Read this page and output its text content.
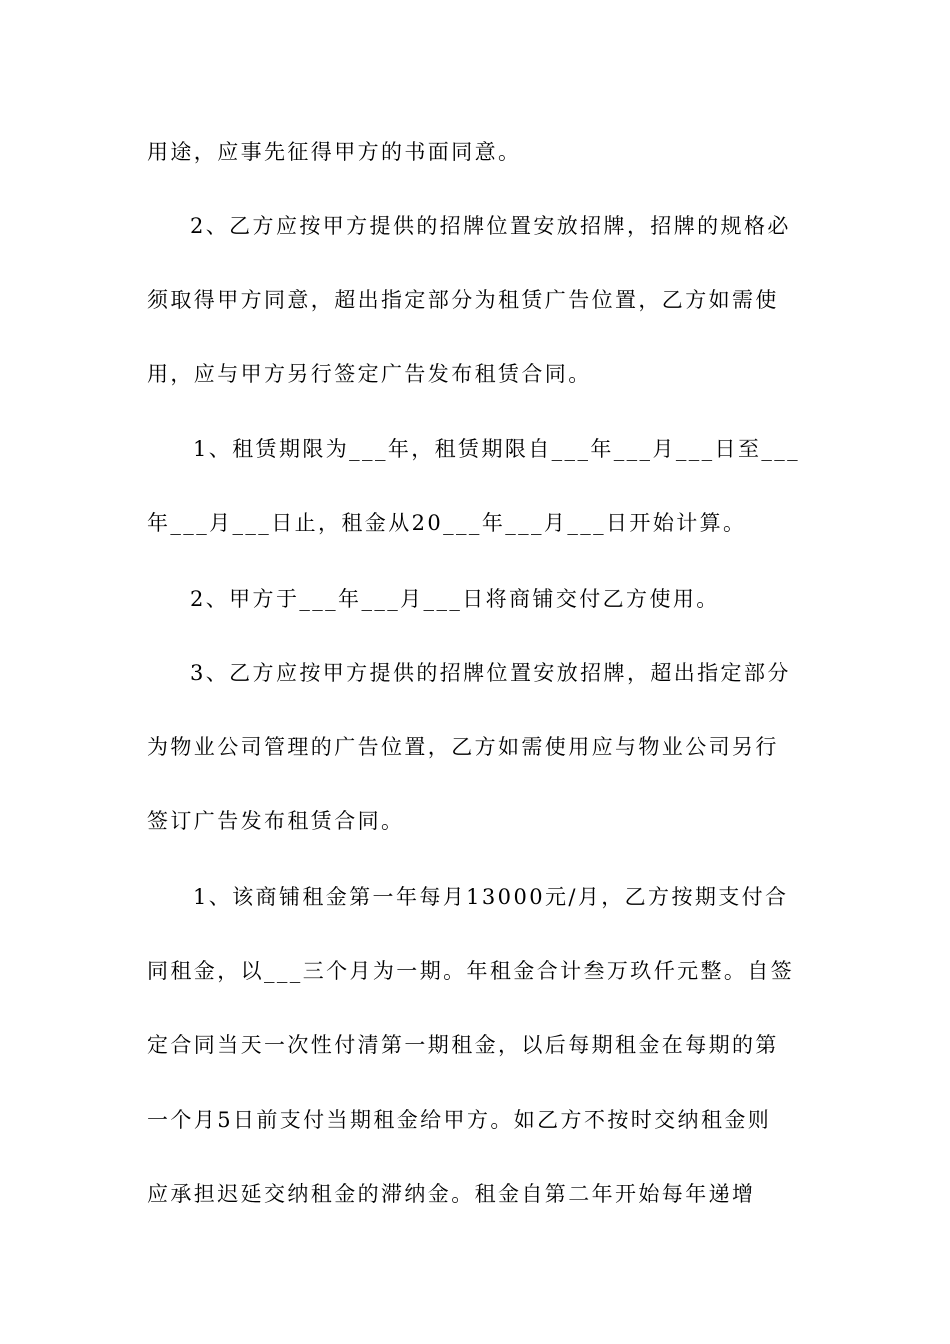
用途，应事先征得甲方的书面同意。
2、乙方应按甲方提供的招牌位置安放招牌，招牌的规格必
须取得甲方同意，超出指定部分为租赁广告位置，乙方如需使
用，应与甲方另行签定广告发布租赁合同。
1、租赁期限为___年，租赁期限自___年___月___日至___
年___月___日止，租金从20___年___月___日开始计算。
2、甲方于___年___月___日将商铺交付乙方使用。
3、乙方应按甲方提供的招牌位置安放招牌，超出指定部分
为物业公司管理的广告位置，乙方如需使用应与物业公司另行
签订广告发布租赁合同。
1、该商铺租金第一年每月13000元/月，乙方按期支付合
同租金，以___三个月为一期。年租金合计叁万玖仟元整。自签
定合同当天一次性付清第一期租金，以后每期租金在每期的第
一个月5日前支付当期租金给甲方。如乙方不按时交纳租金则
应承担迟延交纳租金的滞纳金。租金自第二年开始每年递增
